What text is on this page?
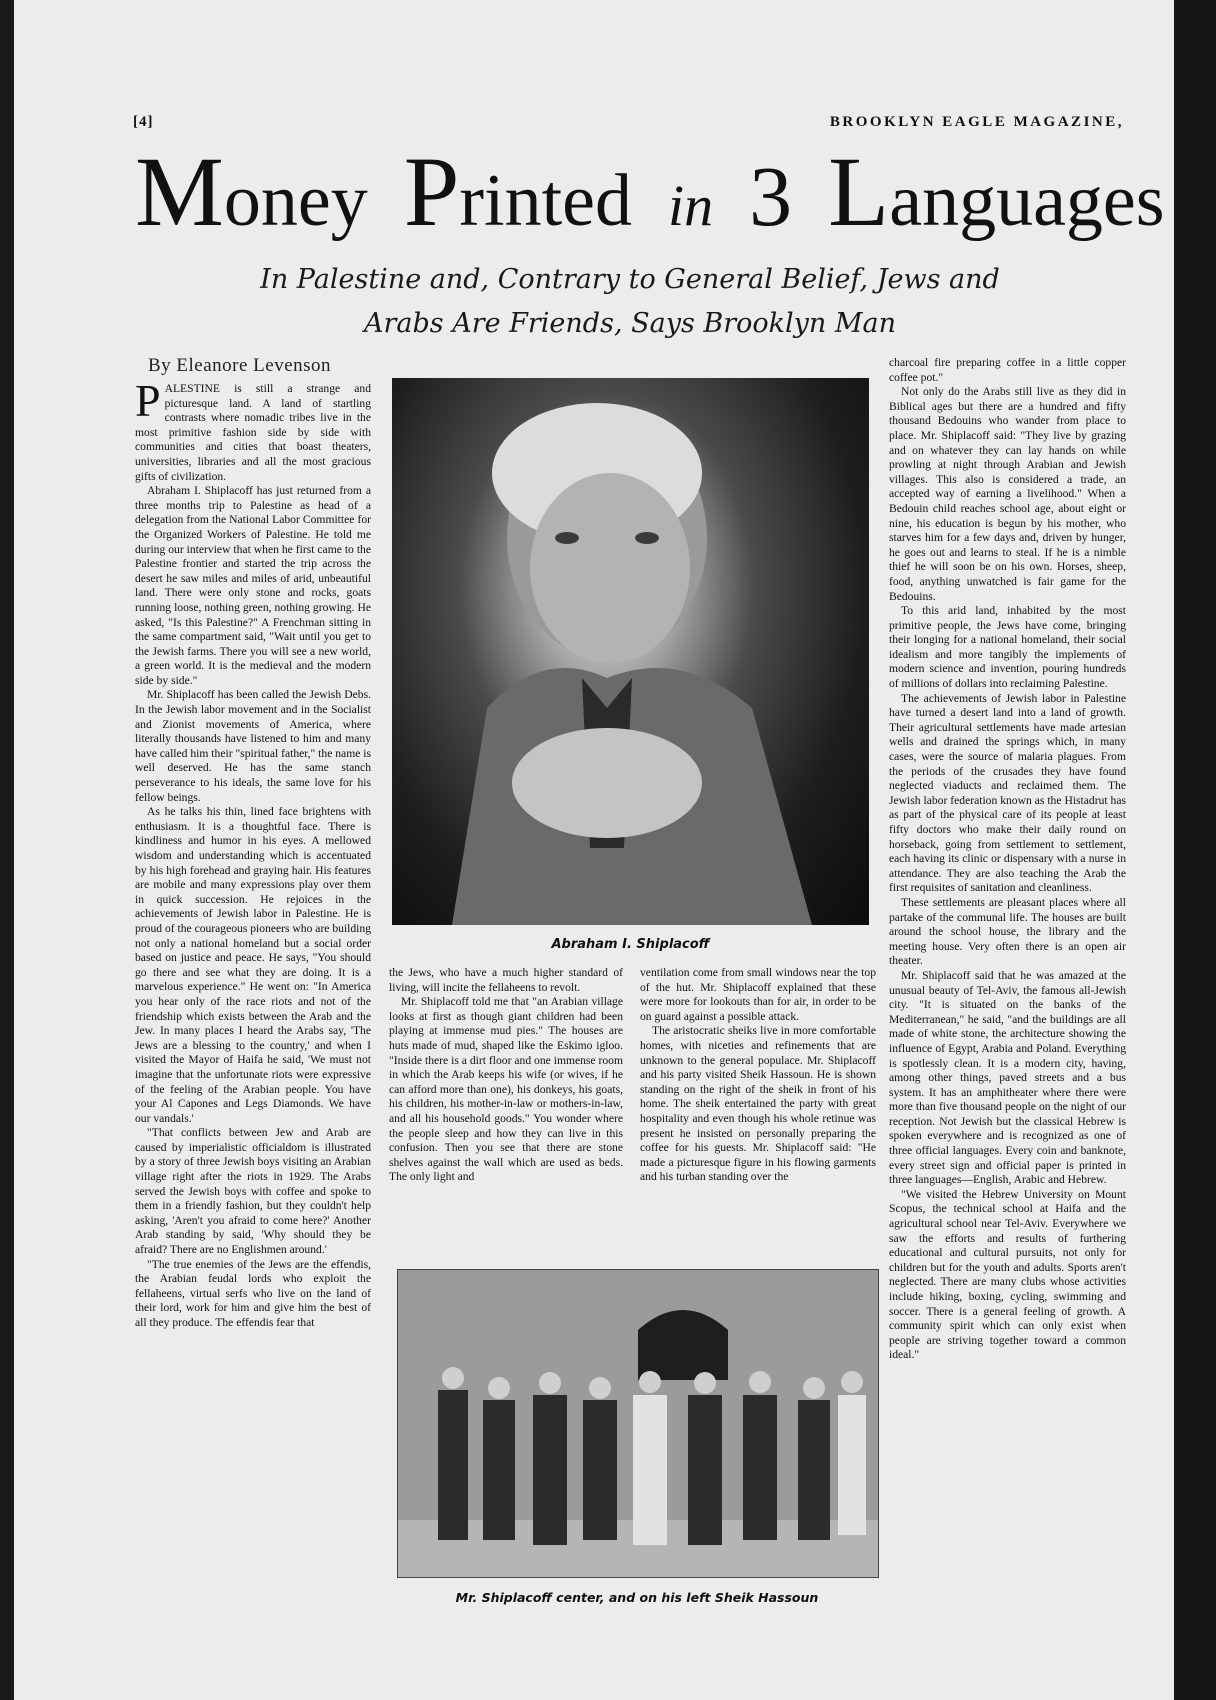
[4]	BROOKLYN EAGLE MAGAZINE,
Money Printed in 3 Languages
In Palestine and, Contrary to General Belief, Jews and
Arabs Are Friends, Says Brooklyn Man
By Eleanore Levenson

PALESTINE is still a strange and picturesque land. A land of startling contrasts where nomadic tribes live in the most primitive fashion side by side with communities and cities that boast theaters, universities, libraries and all the most gracious gifts of civilization.

Abraham I. Shiplacoff has just returned from a three months trip to Palestine as head of a delegation from the National Labor Committee for the Organized Workers of Palestine. He told me during our interview that when he first came to the Palestine frontier and started the trip across the desert he saw miles and miles of arid, unbeautiful land. There were only stone and rocks, goats running loose, nothing green, nothing growing. He asked, "Is this Palestine?" A Frenchman sitting in the same compartment said, "Wait until you get to the Jewish farms. There you will see a new world, a green world. It is the medieval and the modern side by side."

Mr. Shiplacoff has been called the Jewish Debs. In the Jewish labor movement and in the Socialist and Zionist movements of America, where literally thousands have listened to him and many have called him their "spiritual father," the name is well deserved. He has the same stanch perseverance to his ideals, the same love for his fellow beings.

As he talks his thin, lined face brightens with enthusiasm. It is a thoughtful face. There is kindliness and humor in his eyes. A mellowed wisdom and understanding which is accentuated by his high forehead and graying hair. His features are mobile and many expressions play over them in quick succession. He rejoices in the achievements of Jewish labor in Palestine. He is proud of the courageous pioneers who are building not only a national homeland but a social order based on justice and peace. He says, "You should go there and see what they are doing. It is a marvelous experience." He went on: "In America you hear only of the race riots and not of the friendship which exists between the Arab and the Jew. In many places I heard the Arabs say, 'The Jews are a blessing to the country,' and when I visited the Mayor of Haifa he said, 'We must not imagine that the unfortunate riots were expressive of the feeling of the Arabian people. You have your Al Capones and Legs Diamonds. We have our vandals.'

"That conflicts between Jew and Arab are caused by imperialistic officialdom is illustrated by a story of three Jewish boys visiting an Arabian village right after the riots in 1929. The Arabs served the Jewish boys with coffee and spoke to them in a friendly fashion, but they couldn't help asking, 'Aren't you afraid to come here?' Another Arab standing by said, 'Why should they be afraid? There are no Englishmen around.'

"The true enemies of the Jews are the effendis, the Arabian feudal lords who exploit the fellaheens, virtual serfs who live on the land of their lord, work for him and give him the best of all they produce. The effendis fear that

Abraham I. Shiplacoff

the Jews, who have a much higher standard of living, will incite the fellaheens to revolt.

Mr. Shiplacoff told me that "an Arabian village looks at first as though giant children had been playing at immense mud pies." The houses are huts made of mud, shaped like the Eskimo igloo. "Inside there is a dirt floor and one immense room in which the Arab keeps his wife (or wives, if he can afford more than one), his donkeys, his goats, his children, his mother-in-law or mothers-in-law, and all his household goods." You wonder where the people sleep and how they can live in this confusion. Then you see that there are stone shelves against the wall which are used as beds. The only light and

ventilation come from small windows near the top of the hut. Mr. Shiplacoff explained that these were more for lookouts than for air, in order to be on guard against a possible attack.

The aristocratic sheiks live in more comfortable homes, with niceties and refinements that are unknown to the general populace. Mr. Shiplacoff and his party visited Sheik Hassoun. He is shown standing on the right of the sheik in front of his home. The sheik entertained the party with great hospitality and even though his whole retinue was present he insisted on personally preparing the coffee for his guests. Mr. Shiplacoff said: "He made a picturesque figure in his flowing garments and his turban standing over the

Mr. Shiplacoff center, and on his left Sheik Hassoun

charcoal fire preparing coffee in a little copper coffee pot."

Not only do the Arabs still live as they did in Biblical ages but there are a hundred and fifty thousand Bedouins who wander from place to place. Mr. Shiplacoff said: "They live by grazing and on whatever they can lay hands on while prowling at night through Arabian and Jewish villages. This also is considered a trade, an accepted way of earning a livelihood." When a Bedouin child reaches school age, about eight or nine, his education is begun by his mother, who starves him for a few days and, driven by hunger, he goes out and learns to steal. If he is a nimble thief he will soon be on his own. Horses, sheep, food, anything unwatched is fair game for the Bedouins.

To this arid land, inhabited by the most primitive people, the Jews have come, bringing their longing for a national homeland, their social idealism and more tangibly the implements of modern science and invention, pouring hundreds of millions of dollars into reclaiming Palestine.

The achievements of Jewish labor in Palestine have turned a desert land into a land of growth. Their agricultural settlements have made artesian wells and drained the springs which, in many cases, were the source of malaria plagues. From the periods of the crusades they have found neglected viaducts and reclaimed them. The Jewish labor federation known as the Histadrut has as part of the physical care of its people at least fifty doctors who make their daily round on horseback, going from settlement to settlement, each having its clinic or dispensary with a nurse in attendance. They are also teaching the Arab the first requisites of sanitation and cleanliness.

These settlements are pleasant places where all partake of the communal life. The houses are built around the school house, the library and the meeting house. Very often there is an open air theater.

Mr. Shiplacoff said that he was amazed at the unusual beauty of Tel-Aviv, the famous all-Jewish city. "It is situated on the banks of the Mediterranean," he said, "and the buildings are all made of white stone, the architecture showing the influence of Egypt, Arabia and Poland. Everything is spotlessly clean. It is a modern city, having, among other things, paved streets and a bus system. It has an amphitheater where there were more than five thousand people on the night of our reception. Not Jewish but the classical Hebrew is spoken everywhere and is recognized as one of three official languages. Every coin and banknote, every street sign and official paper is printed in three languages—English, Arabic and Hebrew.

"We visited the Hebrew University on Mount Scopus, the technical school at Haifa and the agricultural school near Tel-Aviv. Everywhere we saw the efforts and results of furthering educational and cultural pursuits, not only for children but for the youth and adults. Sports aren't neglected. There are many clubs whose activities include hiking, boxing, cycling, swimming and soccer. There is a general feeling of growth. A community spirit which can only exist when people are striving together toward a common ideal."
